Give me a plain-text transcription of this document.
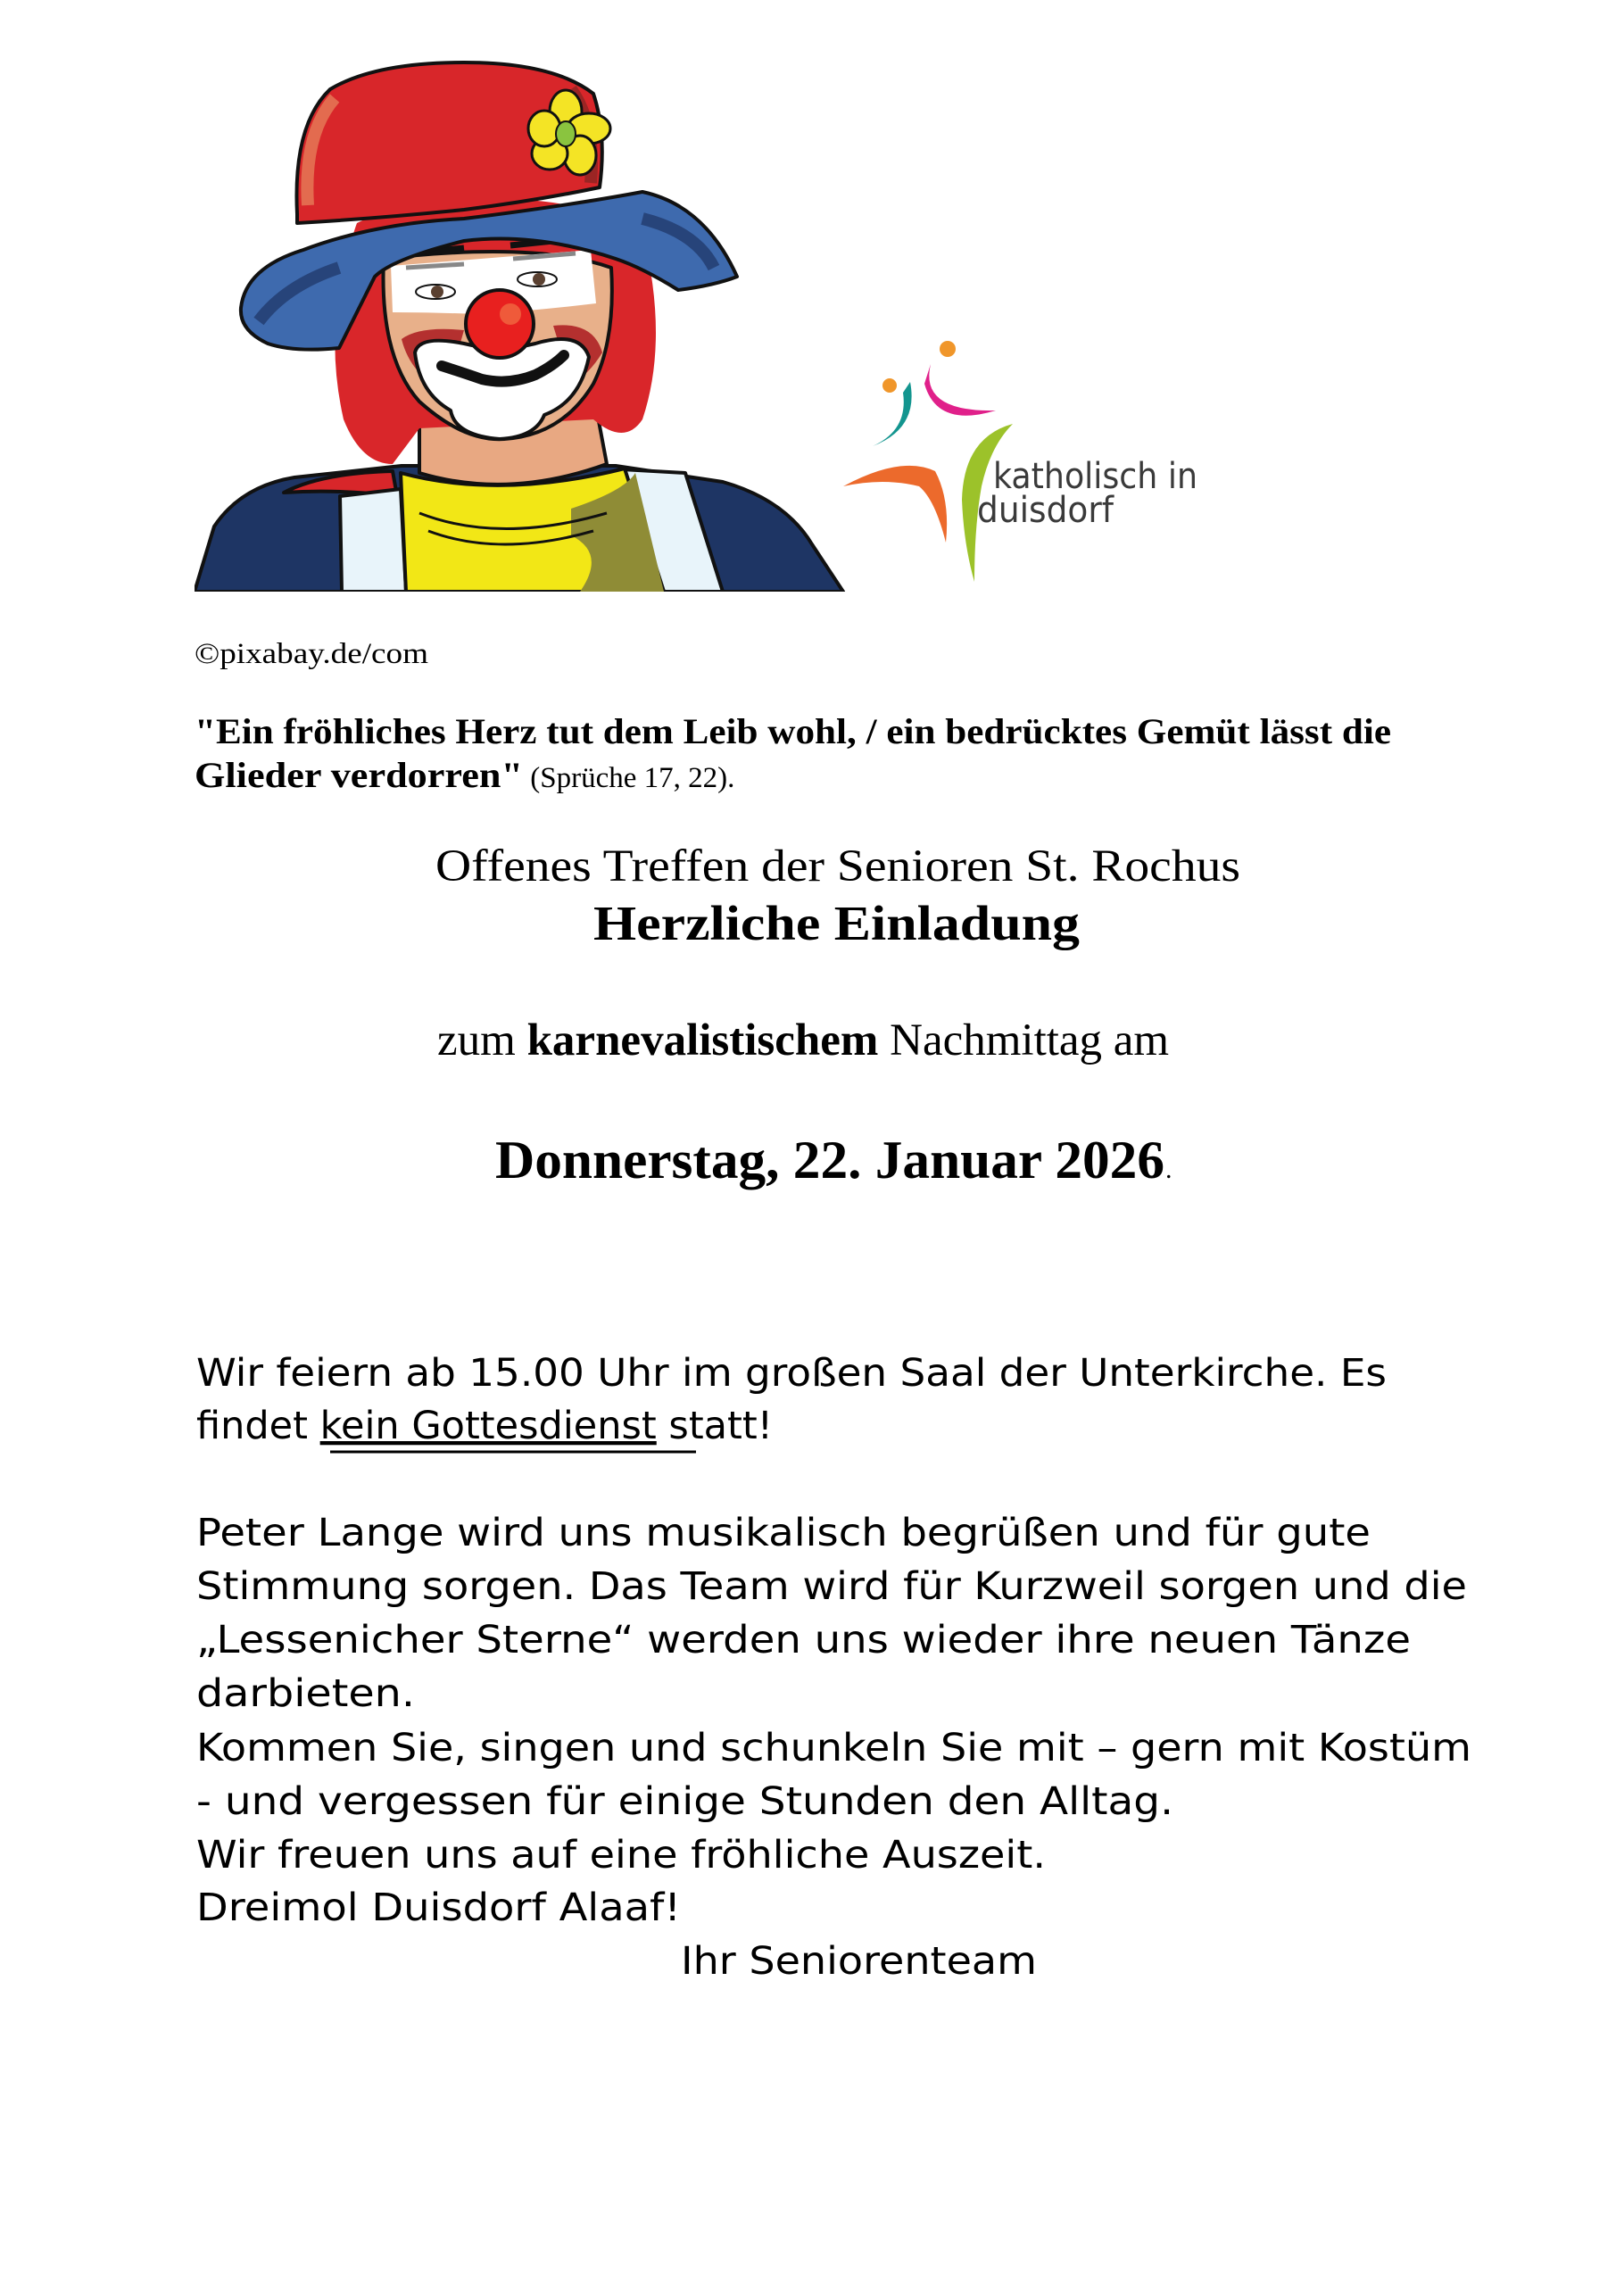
katholisch in
duisdorf
©pixabay.de/com
"Ein fröhliches Herz tut dem Leib wohl, / ein bedrücktes Gemüt lässt die
Glieder verdorren" (Sprüche 17, 22).
Offenes Treffen der Senioren St. Rochus
Herzliche Einladung
zum karnevalistischem Nachmittag am
Donnerstag, 22. Januar 2026 .
Wir feiern ab 15.00 Uhr im großen Saal der Unterkirche. Es
findet kein Gottesdienst statt!
Peter Lange wird uns musikalisch begrüßen und für gute
Stimmung sorgen. Das Team wird für Kurzweil sorgen und die
„Lessenicher Sterne“ werden uns wieder ihre neuen Tänze
darbieten.
Kommen Sie, singen und schunkeln Sie mit – gern mit Kostüm
- und vergessen für einige Stunden den Alltag.
Wir freuen uns auf eine fröhliche Auszeit.
Dreimol Duisdorf Alaaf!
Ihr Seniorenteam
